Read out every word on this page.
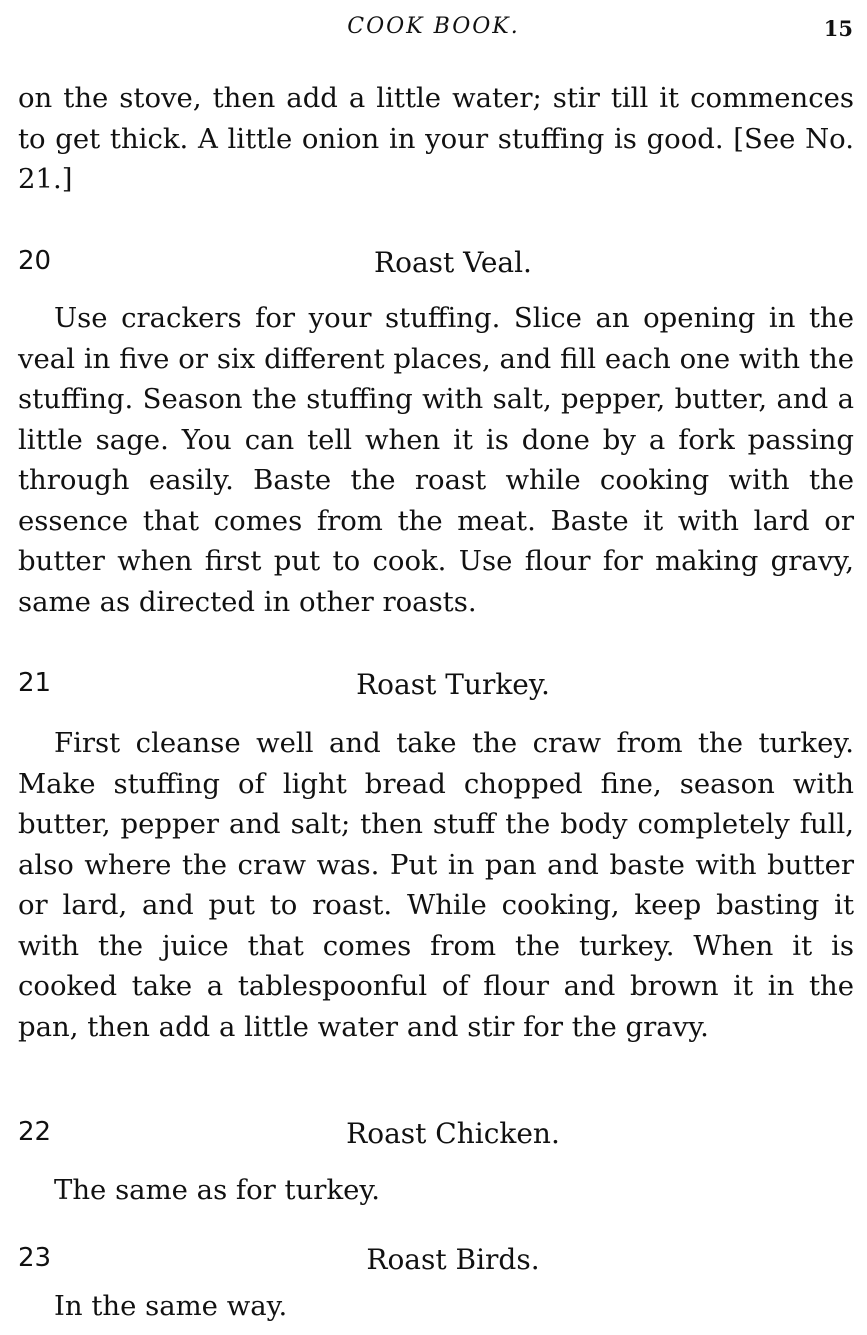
COOK BOOK.	15

on the stove, then add a little water; stir till it commences to get thick. A little onion in your stuffing is good. [See No. 21.]

20	Roast Veal.

Use crackers for your stuffing. Slice an opening in the veal in five or six different places, and fill each one with the stuffing. Season the stuffing with salt, pepper, butter, and a little sage. You can tell when it is done by a fork passing through easily. Baste the roast while cooking with the essence that comes from the meat. Baste it with lard or butter when first put to cook. Use flour for making gravy, same as directed in other roasts.

21	Roast Turkey.

First cleanse well and take the craw from the turkey. Make stuffing of light bread chopped fine, season with butter, pepper and salt; then stuff the body completely full, also where the craw was. Put in pan and baste with butter or lard, and put to roast. While cooking, keep basting it with the juice that comes from the turkey. When it is cooked take a tablespoonful of flour and brown it in the pan, then add a little water and stir for the gravy.

22	Roast Chicken.

The same as for turkey.

23	Roast Birds.

In the same way.
